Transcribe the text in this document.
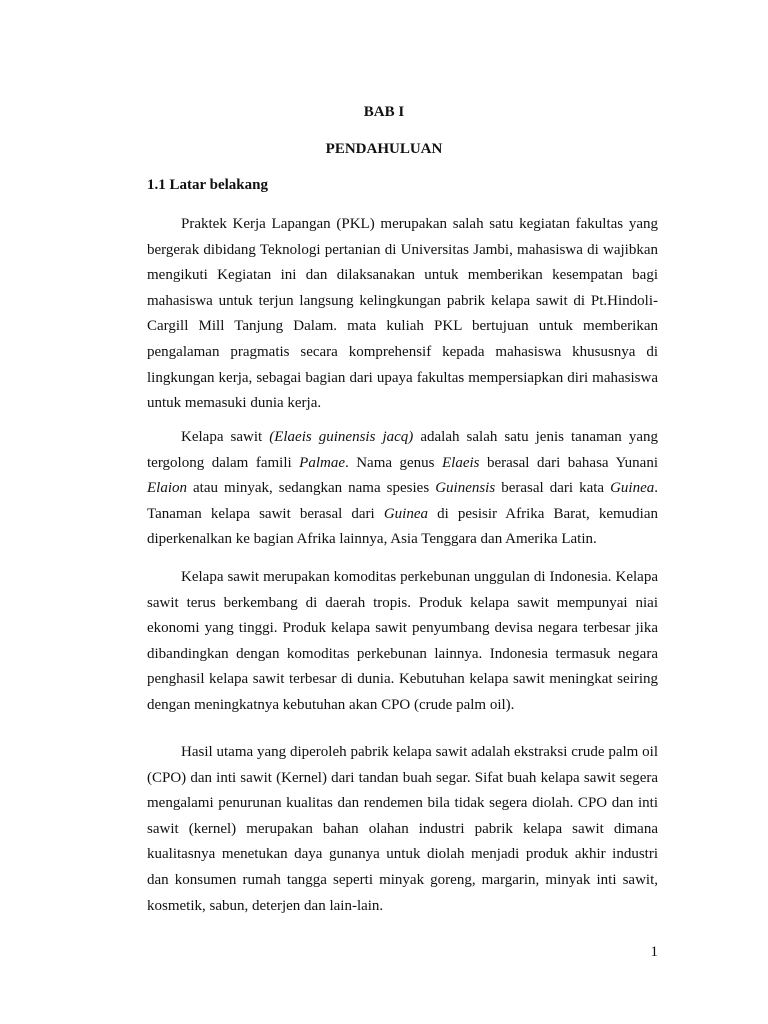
BAB I

PENDAHULUAN

1.1 Latar belakang

Praktek Kerja Lapangan (PKL) merupakan salah satu kegiatan fakultas yang bergerak dibidang Teknologi pertanian di Universitas Jambi, mahasiswa di wajibkan mengikuti Kegiatan ini dan dilaksanakan untuk memberikan kesempatan bagi mahasiswa untuk terjun langsung kelingkungan pabrik kelapa sawit di Pt.Hindoli-Cargill Mill Tanjung Dalam. mata kuliah PKL bertujuan untuk memberikan pengalaman pragmatis secara komprehensif kepada mahasiswa khususnya di lingkungan kerja, sebagai bagian dari upaya fakultas mempersiapkan diri mahasiswa untuk memasuki dunia kerja.

Kelapa sawit (Elaeis guinensis jacq) adalah salah satu jenis tanaman yang tergolong dalam famili Palmae. Nama genus Elaeis berasal dari bahasa Yunani Elaion atau minyak, sedangkan nama spesies Guinensis berasal dari kata Guinea. Tanaman kelapa sawit berasal dari Guinea di pesisir Afrika Barat, kemudian diperkenalkan ke bagian Afrika lainnya, Asia Tenggara dan Amerika Latin.

Kelapa sawit merupakan komoditas perkebunan unggulan di Indonesia. Kelapa sawit terus berkembang di daerah tropis. Produk kelapa sawit mempunyai niai ekonomi yang tinggi. Produk kelapa sawit penyumbang devisa negara terbesar jika dibandingkan dengan komoditas perkebunan lainnya. Indonesia termasuk negara penghasil kelapa sawit terbesar di dunia. Kebutuhan kelapa sawit meningkat seiring dengan meningkatnya kebutuhan akan CPO (crude palm oil).

Hasil utama yang diperoleh pabrik kelapa sawit adalah ekstraksi crude palm oil (CPO) dan inti sawit (Kernel) dari tandan buah segar. Sifat buah kelapa sawit segera mengalami penurunan kualitas dan rendemen bila tidak segera diolah. CPO dan inti sawit (kernel) merupakan bahan olahan industri pabrik kelapa sawit dimana kualitasnya menetukan daya gunanya untuk diolah menjadi produk akhir industri dan konsumen rumah tangga seperti minyak goreng, margarin, minyak inti sawit, kosmetik, sabun, deterjen dan lain-lain.

1
